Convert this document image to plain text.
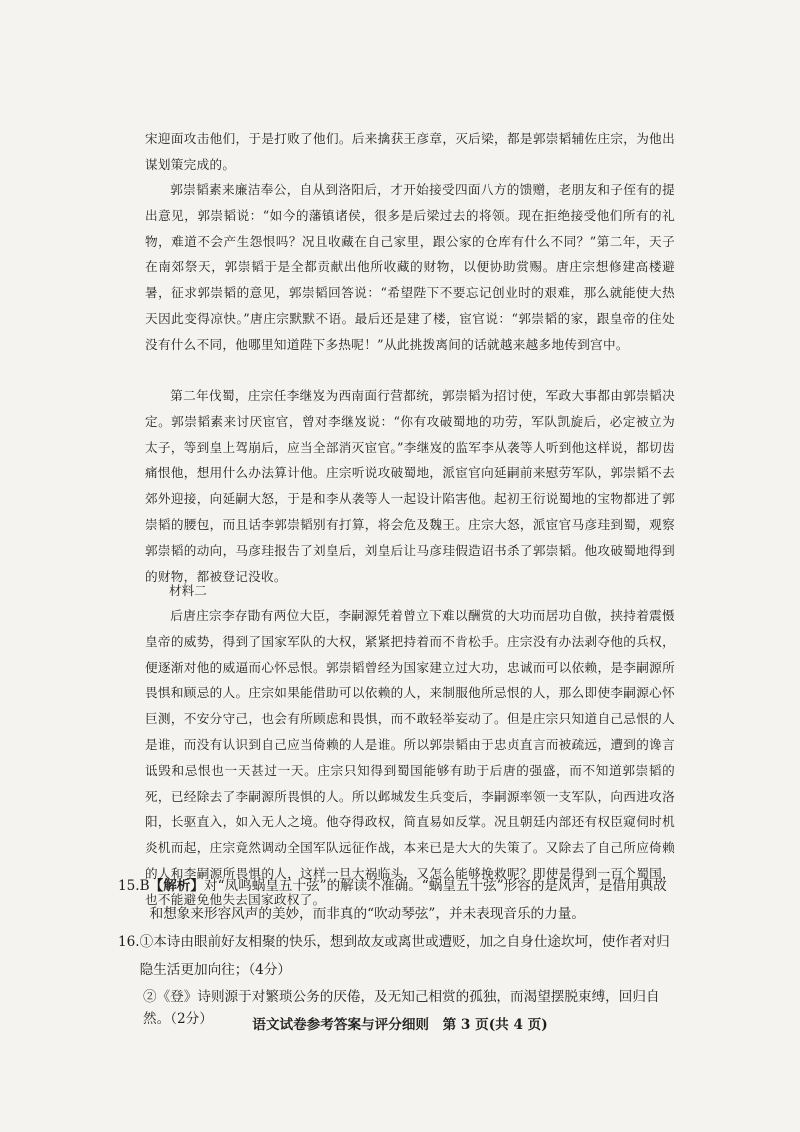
宋迎面攻击他们，于是打败了他们。后来擒获王彦章，灭后梁，都是郭崇韬辅佐庄宗，为他出谋划策完成的。

郭崇韬素来廉洁奉公，自从到洛阳后，才开始接受四面八方的馈赠，老朋友和子侄有的提出意见，郭崇韬说：“如今的藩镇诸侯，很多是后梁过去的将领。现在拒绝接受他们所有的礼物，难道不会产生怨恨吗？况且收藏在自己家里，跟公家的仓库有什么不同？”第二年，天子在南郊祭天，郭崇韬于是全都贡献出他所收藏的财物，以便协助赏赐。唐庄宗想修建高楼避暑，征求郭崇韬的意见，郭崇韬回答说：“希望陛下不要忘记创业时的艰难，那么就能使大热天因此变得凉快。”唐庄宗默默不语。最后还是建了楼，宦官说：“郭崇韬的家，跟皇帝的住处没有什么不同，他哪里知道陛下多热呢！”从此挑拨离间的话就越来越多地传到宫中。

第二年伐蜀，庄宗任李继岌为西南面行营都统，郭崇韬为招讨使，军政大事都由郭崇韬决定。郭崇韬素来讨厌宦官，曾对李继岌说：“你有攻破蜀地的功劳，军队凯旋后，必定被立为太子，等到皇上驾崩后，应当全部消灭宦官。”李继岌的监军李从袭等人听到他这样说，都切齿痛恨他，想用什么办法算计他。庄宗听说攻破蜀地，派宦官向延嗣前来慰劳军队，郭崇韬不去郊外迎接，向延嗣大怒，于是和李从袭等人一起设计陷害他。起初王衍说蜀地的宝物都进了郭崇韬的腰包，而且话李郭崇韬别有打算，将会危及魏王。庄宗大怒，派宦官马彦珪到蜀，观察郭崇韬的动向，马彦珪报告了刘皇后，刘皇后让马彦珪假造诏书杀了郭崇韬。他攻破蜀地得到的财物，都被登记没收。

材料二

后唐庄宗李存勖有两位大臣，李嗣源凭着曾立下难以酬赏的大功而居功自傲，挟持着震慑皇帝的威势，得到了国家军队的大权，紧紧把持着而不肯松手。庄宗没有办法剥夺他的兵权，便逐渐对他的威逼而心怀忌恨。郭崇韬曾经为国家建立过大功，忠诚而可以依赖，是李嗣源所畏惧和顾忌的人。庄宗如果能借助可以依赖的人，来制服他所忌恨的人，那么即使李嗣源心怀巨测，不安分守己，也会有所顾虑和畏惧，而不敢轻举妄动了。但是庄宗只知道自己忌恨的人是谁，而没有认识到自己应当倚赖的人是谁。所以郭崇韬由于忠贞直言而被疏远，遭到的谗言诋毁和忌恨也一天甚过一天。庄宗只知得到蜀国能够有助于后唐的强盛，而不知道郭崇韬的死，已经除去了李嗣源所畏惧的人。所以邺城发生兵变后，李嗣源率领一支军队，向西进攻洛阳，长驱直入，如入无人之境。他夺得政权，简直易如反掌。况且朝廷内部还有权臣窥伺时机炎机而起，庄宗竟然调动全国军队远征作战，本来已是大大的失策了。又除去了自己所应倚赖的人和李嗣源所畏惧的人，这样一旦大祸临头，又怎么能够挽救呢？即使是得到一百个蜀国，也不能避免他失去国家政权了。

15.B 【解析】对“凤鸣蜗皇五十弦”的解读不准确。“蜗皇五十弦”形容的是风声，是借用典故和想象来形容风声的美妙，而非真的“吹动琴弦”，并未表现音乐的力量。
16. ①本诗由眼前好友相聚的快乐，想到故友或离世或遭贬，加之自身仕途坎坷，使作者对归隐生活更加向往；（4分）

②《登》诗则源于对繁琐公务的厌倦，及无知己相赏的孤独，而渴望摆脱束缚，回归自然。（2分）	语文试卷参考答案与评分细则　第 3 页(共 4 页)
